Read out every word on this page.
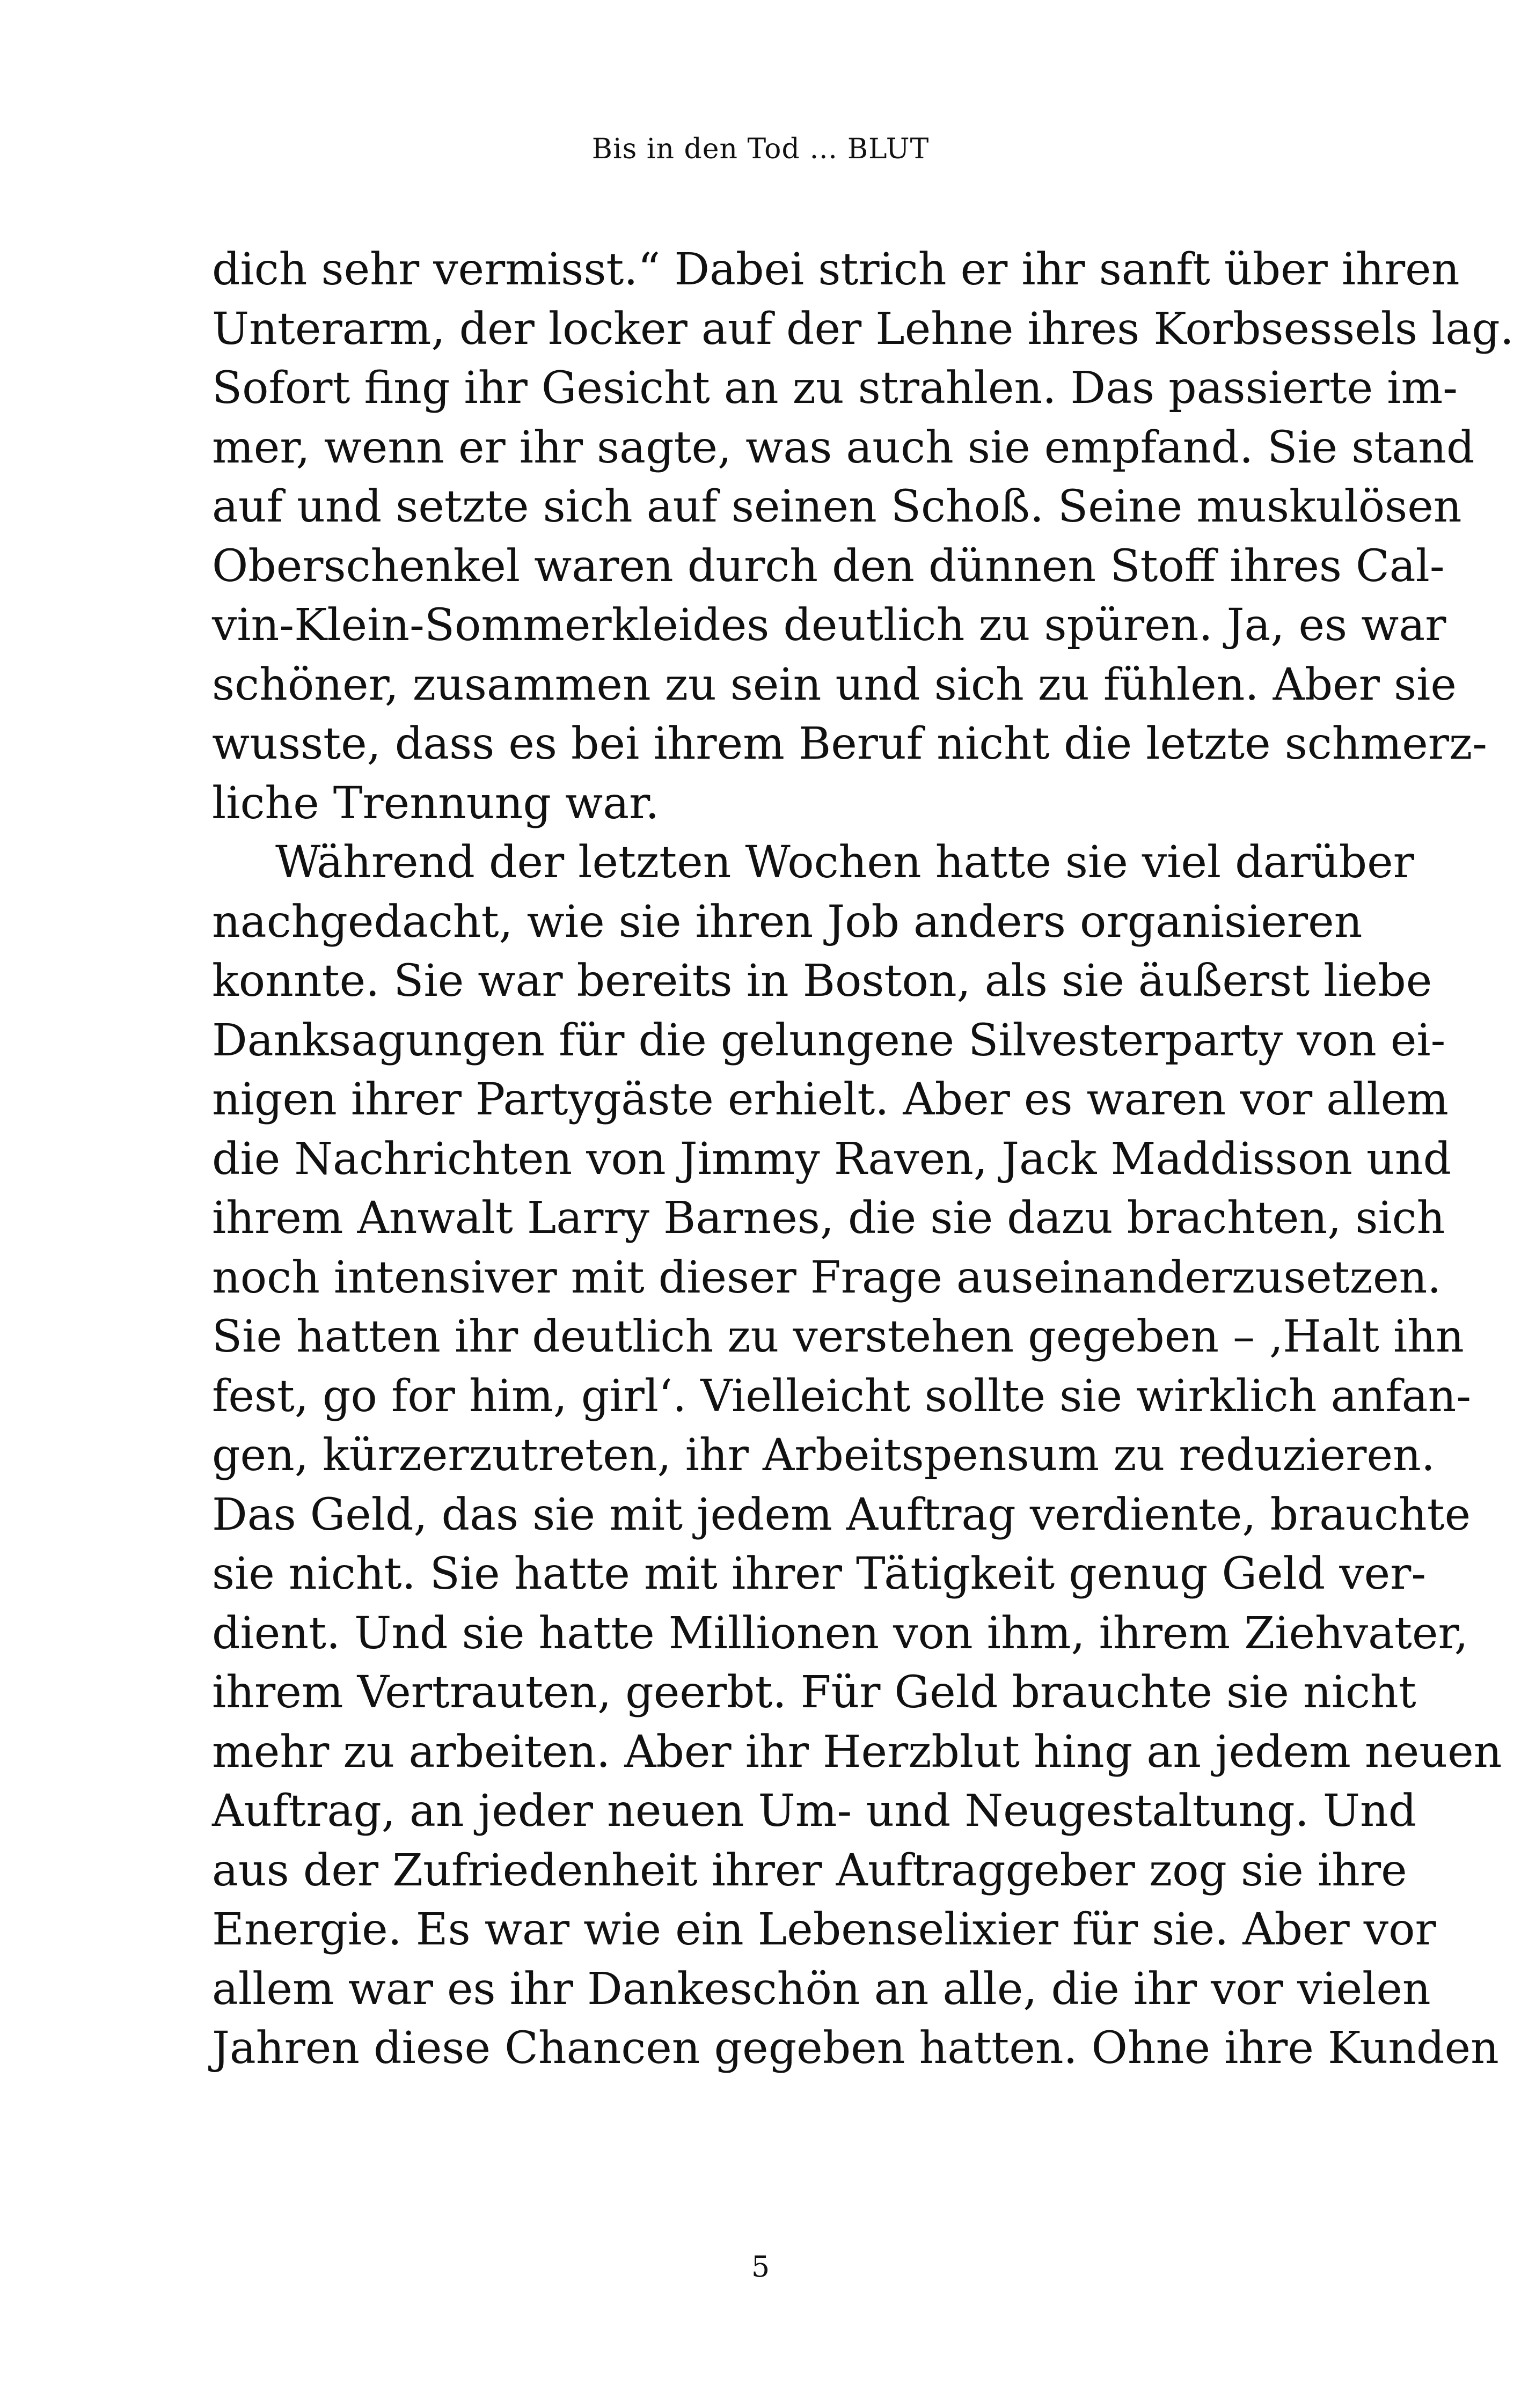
Bis in den Tod … BLUT
dich sehr vermisst.“ Dabei strich er ihr sanft über ihren
Unterarm, der locker auf der Lehne ihres Korbsessels lag.
Sofort fing ihr Gesicht an zu strahlen. Das passierte im-
mer, wenn er ihr sagte, was auch sie empfand. Sie stand
auf und setzte sich auf seinen Schoß. Seine muskulösen
Oberschenkel waren durch den dünnen Stoff ihres Cal-
vin-Klein-Sommerkleides deutlich zu spüren. Ja, es war
schöner, zusammen zu sein und sich zu fühlen. Aber sie
wusste, dass es bei ihrem Beruf nicht die letzte schmerz-
liche Trennung war.
Während der letzten Wochen hatte sie viel darüber
nachgedacht, wie sie ihren Job anders organisieren
konnte. Sie war bereits in Boston, als sie äußerst liebe
Danksagungen für die gelungene Silvesterparty von ei-
nigen ihrer Partygäste erhielt. Aber es waren vor allem
die Nachrichten von Jimmy Raven, Jack Maddisson und
ihrem Anwalt Larry Barnes, die sie dazu brachten, sich
noch intensiver mit dieser Frage auseinanderzusetzen.
Sie hatten ihr deutlich zu verstehen gegeben – ‚Halt ihn
fest, go for him, girl‘. Vielleicht sollte sie wirklich anfan-
gen, kürzerzutreten, ihr Arbeitspensum zu reduzieren.
Das Geld, das sie mit jedem Auftrag verdiente, brauchte
sie nicht. Sie hatte mit ihrer Tätigkeit genug Geld ver-
dient. Und sie hatte Millionen von ihm, ihrem Ziehvater,
ihrem Vertrauten, geerbt. Für Geld brauchte sie nicht
mehr zu arbeiten. Aber ihr Herzblut hing an jedem neuen
Auftrag, an jeder neuen Um- und Neugestaltung. Und
aus der Zufriedenheit ihrer Auftraggeber zog sie ihre
Energie. Es war wie ein Lebenselixier für sie. Aber vor
allem war es ihr Dankeschön an alle, die ihr vor vielen
Jahren diese Chancen gegeben hatten. Ohne ihre Kunden
5
